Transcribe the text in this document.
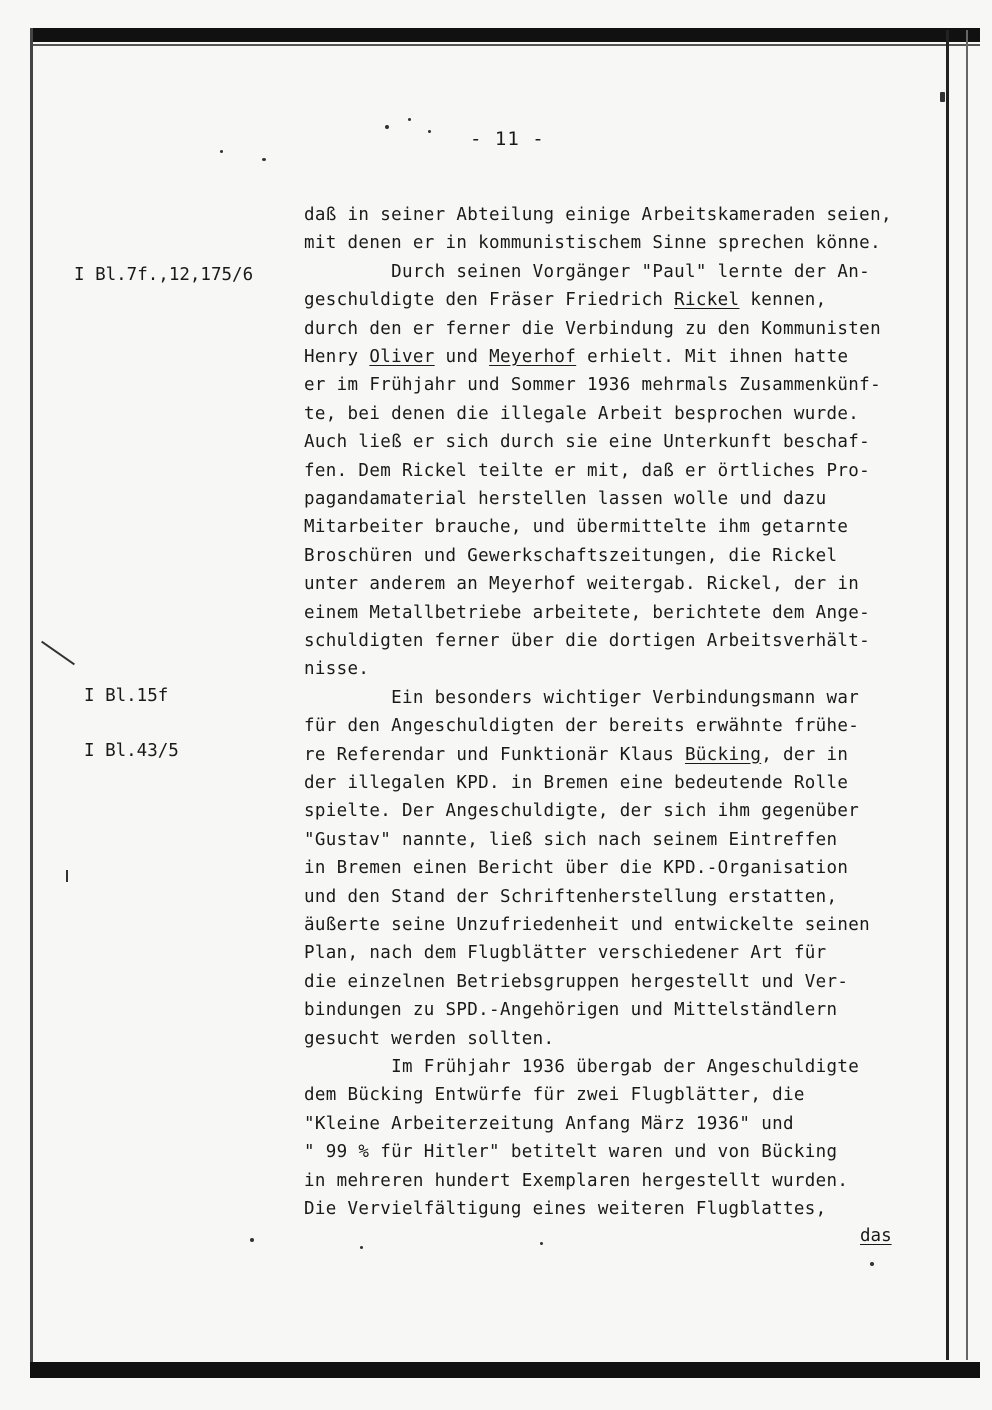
- 11 -
I Bl.7f.,12,175/6
I Bl.15f
I Bl.43/5
daß in seiner Abteilung einige Arbeitskameraden seien,
mit denen er in kommunistischem Sinne sprechen könne.
Durch seinen Vorgänger "Paul" lernte der An-
geschuldigte den Fräser Friedrich Rickel kennen,
durch den er ferner die Verbindung zu den Kommunisten
Henry Oliver und Meyerhof erhielt. Mit ihnen hatte
er im Frühjahr und Sommer 1936 mehrmals Zusammenkünf-
te, bei denen die illegale Arbeit besprochen wurde.
Auch ließ er sich durch sie eine Unterkunft beschaf-
fen. Dem Rickel teilte er mit, daß er örtliches Pro-
pagandamaterial herstellen lassen wolle und dazu
Mitarbeiter brauche, und übermittelte ihm getarnte
Broschüren und Gewerkschaftszeitungen, die Rickel
unter anderem an Meyerhof weitergab. Rickel, der in
einem Metallbetriebe arbeitete, berichtete dem Ange-
schuldigten ferner über die dortigen Arbeitsverhält-
nisse.
Ein besonders wichtiger Verbindungsmann war
für den Angeschuldigten der bereits erwähnte frühe-
re Referendar und Funktionär Klaus Bücking, der in
der illegalen KPD. in Bremen eine bedeutende Rolle
spielte. Der Angeschuldigte, der sich ihm gegenüber
"Gustav" nannte, ließ sich nach seinem Eintreffen
in Bremen einen Bericht über die KPD.-Organisation
und den Stand der Schriftenherstellung erstatten,
äußerte seine Unzufriedenheit und entwickelte seinen
Plan, nach dem Flugblätter verschiedener Art für
die einzelnen Betriebsgruppen hergestellt und Ver-
bindungen zu SPD.-Angehörigen und Mittelständlern
gesucht werden sollten.
Im Frühjahr 1936 übergab der Angeschuldigte
dem Bücking Entwürfe für zwei Flugblätter, die
"Kleine Arbeiterzeitung Anfang März 1936" und
" 99 % für Hitler" betitelt waren und von Bücking
in mehreren hundert Exemplaren hergestellt wurden.
Die Vervielfältigung eines weiteren Flugblattes,
das
